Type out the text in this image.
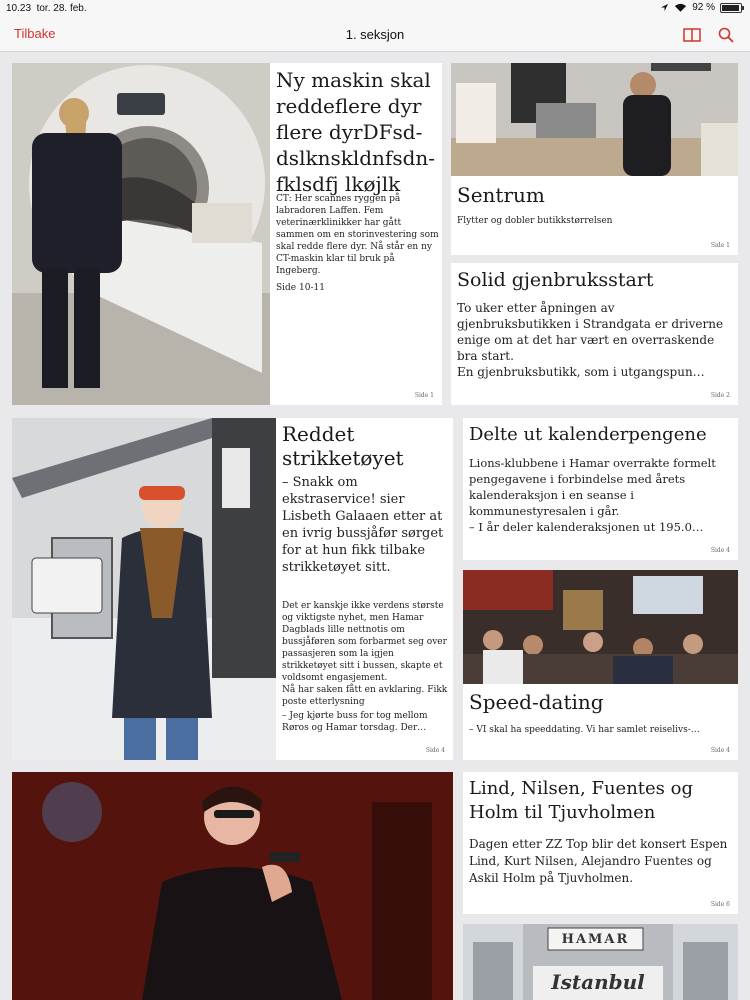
10.23 tor. 28. feb.	92 %
Tilbake	1. seksjon
Ny maskin skal reddeflere dyr flere dyrDFsd-dslknskldnfsdn-fklsdfj lkøjlk
CT: Her scannes ryggen på labradoren Laffen. Fem veterinærklinikker har gått sammen om en storinvestering som skal redde flere dyr. Nå står en ny CT-maskin klar til bruk på Ingeberg.
Side 10-11
Side 1
Sentrum
Flytter og dobler butikkstørrelsen
Side 1
Solid gjenbruksstart
To uker etter åpningen av gjenbruksbutikken i Strandgata er driverne enige om at det har vært en overraskende bra start.
En gjenbruksbutikk, som i utgangspun…
Side 2
Reddet strikketøyet
– Snakk om ekstraservice! sier Lisbeth Galaaen etter at en ivrig bussjåfør sørget for at hun fikk tilbake strikketøyet sitt.
Det er kanskje ikke verdens største og viktigste nyhet, men Hamar Dagblads lille nettnotis om bussjåføren som forbarmet seg over passasjeren som la igjen strikketøyet sitt i bussen, skapte et voldsomt engasjement.
Nå har saken fått en avklaring. Fikk poste etterlysning
– Jeg kjørte buss for tog mellom Røros og Hamar torsdag. Der…
Side 4
Delte ut kalenderpengene
Lions-klubbene i Hamar overrakte formelt pengegavene i forbindelse med årets kalenderaksjon i en seanse i kommunestyresalen i går.
– I år deler kalenderaksjonen ut 195.0…
Side 4
Speed-dating
– VI skal ha speeddating. Vi har samlet reiselivs-…
Side 4
Lind, Nilsen, Fuentes og Holm til Tjuvholmen
Dagen etter ZZ Top blir det konsert Espen Lind, Kurt Nilsen, Alejandro Fuentes og Askil Holm på Tjuvholmen.
Side 6
HAMAR
Istanbul
